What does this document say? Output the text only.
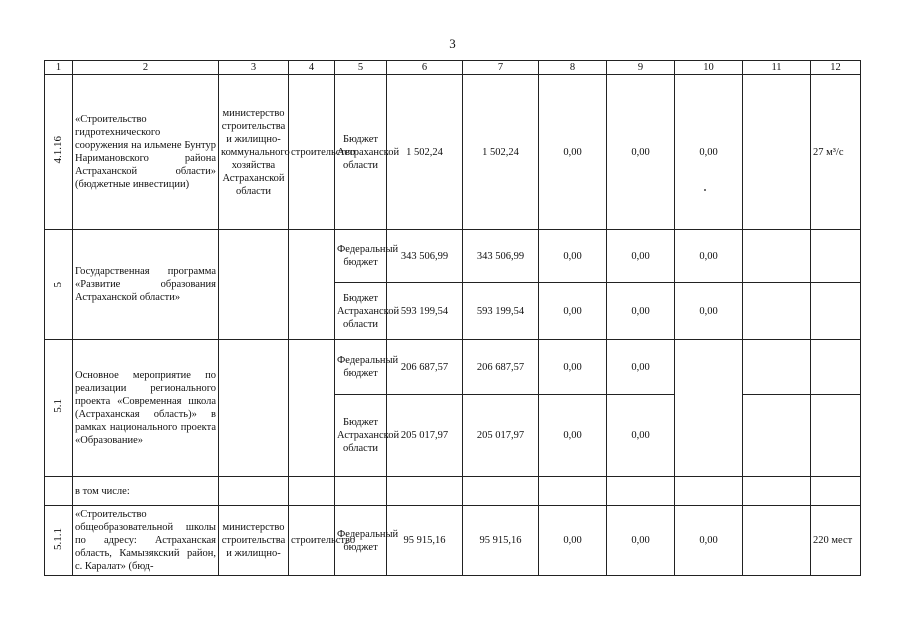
3
1	2	3	4	5	6	7	8	9	10	11	12
4.1.16	«Строительство гидротехнического сооружения на ильмене Бунтур Наримановского района Астраханской области» (бюджетные инвестиции)	министерство строительства и жилищно-коммунального хозяйства Астраханской области	строительство	Бюджет Астраханской области	1 502,24	1 502,24	0,00	0,00	0,00		27 м³/с
5	Государственная программа «Развитие образования Астраханской области»			Федеральный бюджет	343 506,99	343 506,99	0,00	0,00	0,00		
				Бюджет Астраханской области	593 199,54	593 199,54	0,00	0,00	0,00		
5.1	Основное мероприятие по реализации регионального проекта «Современная школа (Астраханская область)» в рамках национального проекта «Образование»			Федеральный бюджет	206 687,57	206 687,57	0,00	0,00			
				Бюджет Астраханской области	205 017,97	205 017,97	0,00	0,00			
	в том числе:										
5.1.1	«Строительство общеобразовательной школы по адресу: Астраханская область, Камызякский район, с. Каралат» (бюд-	министерство строительства и жилищно-	строительство	Федеральный бюджет	95 915,16	95 915,16	0,00	0,00	0,00		220 мест
